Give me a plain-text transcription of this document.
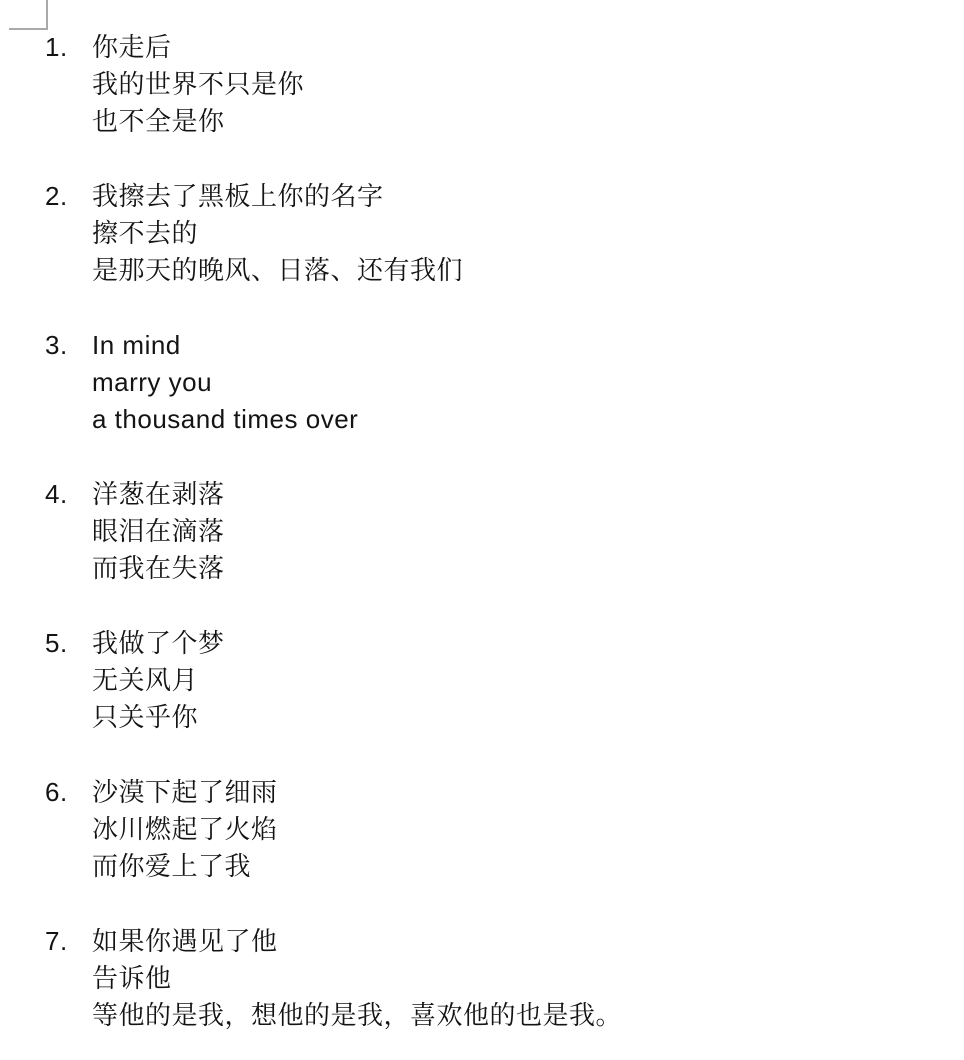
1. 你走后
我的世界不只是你
也不全是你
2. 我擦去了黑板上你的名字
擦不去的
是那天的晚风、日落、还有我们
3. In mind
marry you
a thousand times over
4. 洋葱在剥落
眼泪在滴落
而我在失落
5. 我做了个梦
无关风月
只关乎你
6. 沙漠下起了细雨
冰川燃起了火焰
而你爱上了我
7. 如果你遇见了他
告诉他
等他的是我，想他的是我，喜欢他的也是我。
